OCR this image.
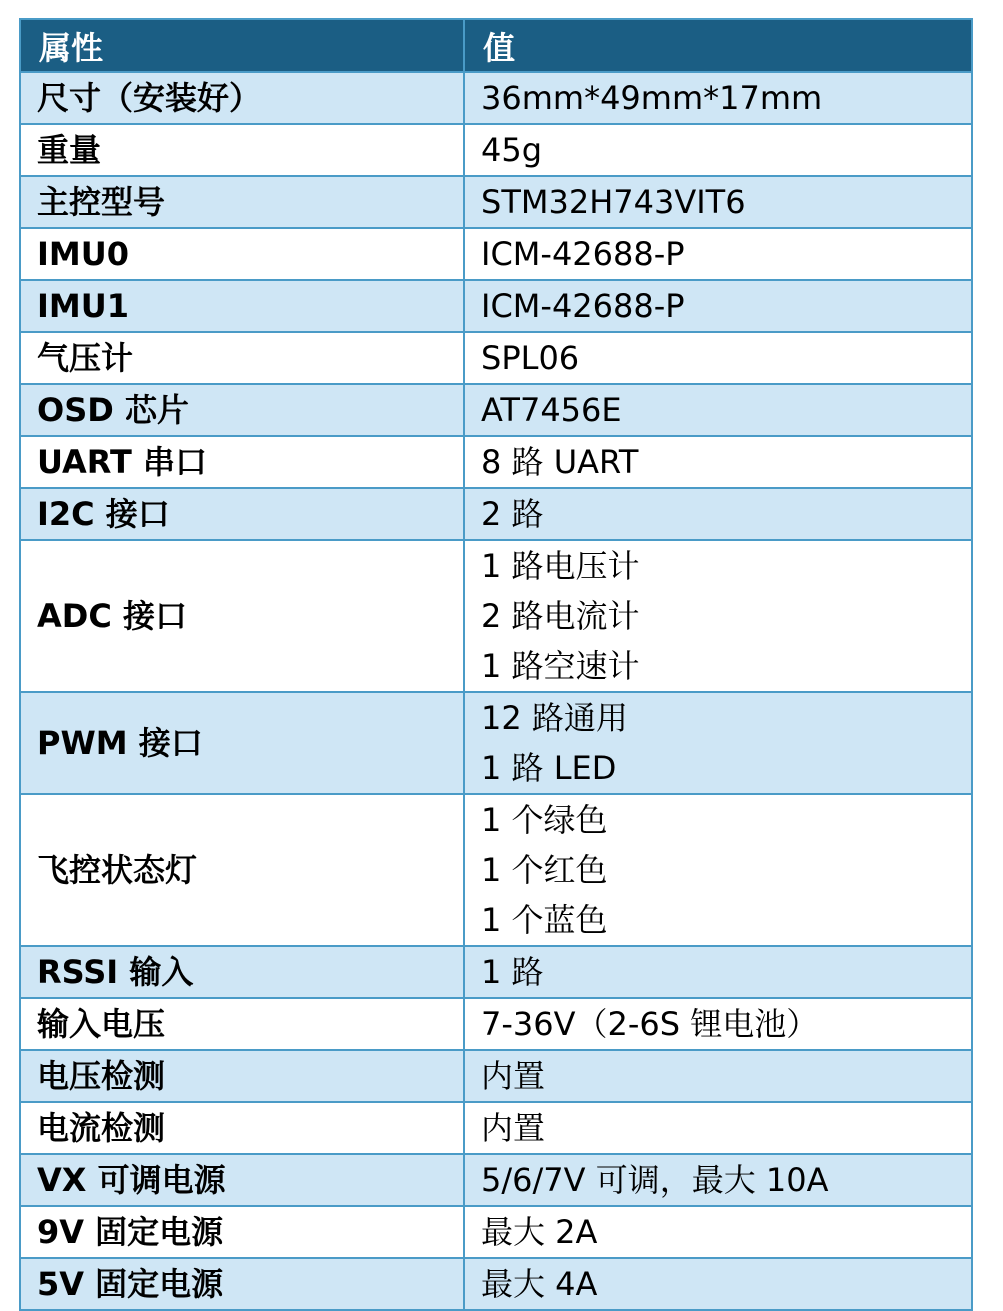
属性	值
尺寸（安装好）	36mm*49mm*17mm

重量	45g

主控型号	STM32H743VIT6

IMU0	ICM-42688-P

IMU1	ICM-42688-P

气压计	SPL06

OSD 芯片	AT7456E

UART 串口	8 路 UART

I2C 接口	2 路

ADC 接口	1 路电压计
2 路电流计
1 路空速计

PWM 接口	12 路通用
1 路 LED

飞控状态灯	1 个绿色
1 个红色
1 个蓝色

RSSI 输入	1 路

输入电压	7-36V（2-6S 锂电池）

电压检测	内置

电流检测	内置

VX 可调电源	5/6/7V 可调，最大 10A

9V 固定电源	最大 2A

5V 固定电源	最大 4A
